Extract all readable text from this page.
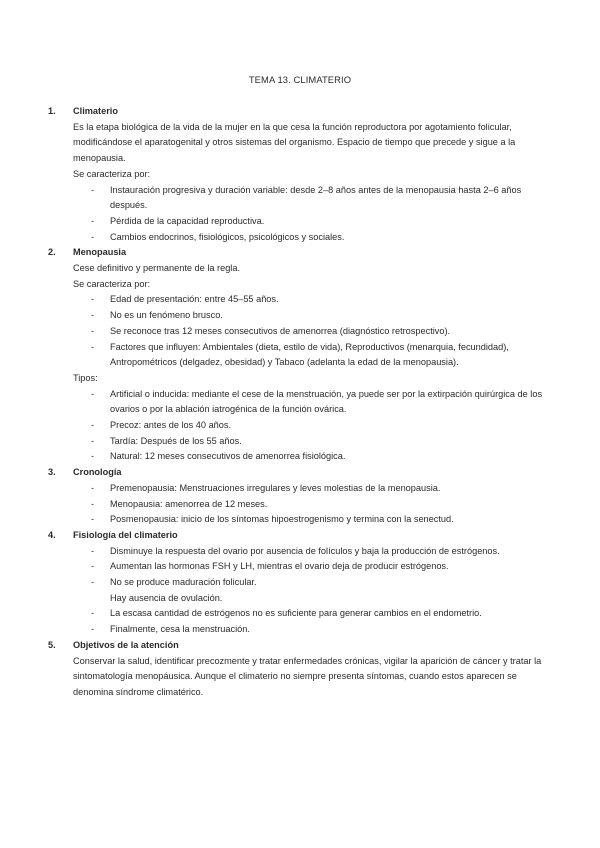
TEMA 13. CLIMATERIO
1. Climaterio

Es la etapa biológica de la vida de la mujer en la que cesa la función reproductora por agotamiento folicular, modificándose el aparatogenital y otros sistemas del organismo. Espacio de tiempo que precede y sigue a la menopausia.

Se caracteriza por:

- Instauración progresiva y duración variable: desde 2–8 años antes de la menopausia hasta 2–6 años después.
- Pérdida de la capacidad reproductiva.
- Cambios endocrinos, fisiológicos, psicológicos y sociales.
2. Menopausia

Cese definitivo y permanente de la regla.

Se caracteriza por:

- Edad de presentación: entre 45–55 años.
- No es un fenómeno brusco.
- Se reconoce tras 12 meses consecutivos de amenorrea (diagnóstico retrospectivo).
- Factores que influyen: Ambientales (dieta, estilo de vida), Reproductivos (menarquia, fecundidad), Antropométricos (delgadez, obesidad) y Tabaco (adelanta la edad de la menopausia).

Tipos:

- Artificial o inducida: mediante el cese de la menstruación, ya puede ser por la extirpación quirúrgica de los ovarios o por la ablación iatrogénica de la función ovárica.
- Precoz: antes de los 40 años.
- Tardía: Después de los 55 años.
- Natural: 12 meses consecutivos de amenorrea fisiológica.
3. Cronología
- Premenopausia: Menstruaciones irregulares y leves molestias de la menopausia.
- Menopausia: amenorrea de 12 meses.
- Posmenopausia: inicio de los síntomas hipoestrogenismo y termina con la senectud.
4. Fisiología del climaterio
- Disminuye la respuesta del ovario por ausencia de folículos y baja la producción de estrógenos.
- Aumentan las hormonas FSH y LH, mientras el ovario deja de producir estrógenos.
- No se produce maduración folicular.
Hay ausencia de ovulación.
- La escasa cantidad de estrógenos no es suficiente para generar cambios en el endometrio.
- Finalmente, cesa la menstruación.
5. Objetivos de la atención

Conservar la salud, identificar precozmente y tratar enfermedades crónicas, vigilar la aparición de cáncer y tratar la sintomatología menopáusica. Aunque el climaterio no siempre presenta síntomas, cuando estos aparecen se denomina síndrome climatérico.
